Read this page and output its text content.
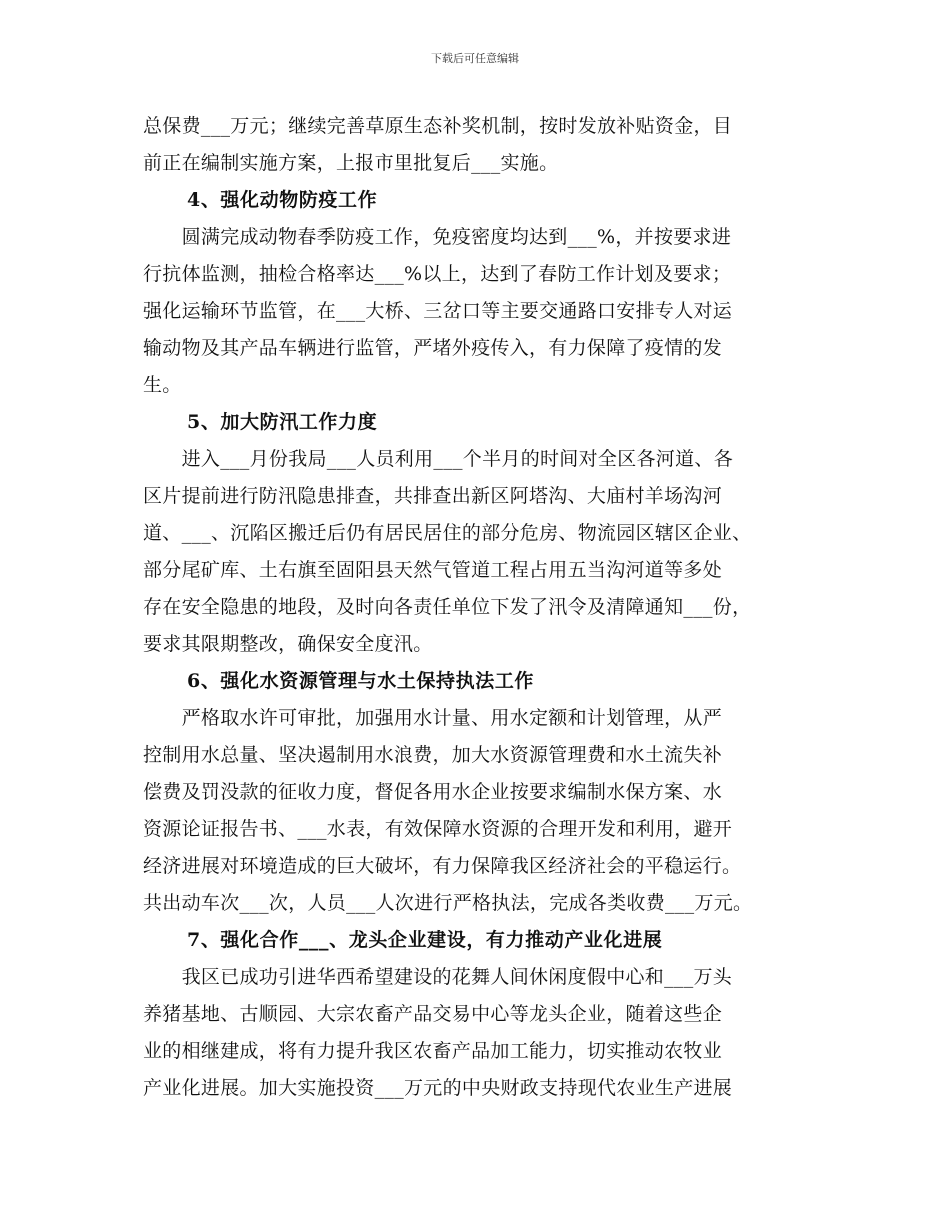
下载后可任意编辑
总保费___万元；继续完善草原生态补奖机制，按时发放补贴资金，目
前正在编制实施方案，上报市里批复后___实施。
4、强化动物防疫工作
　　圆满完成动物春季防疫工作，免疫密度均达到___%，并按要求进
行抗体监测，抽检合格率达___%以上，达到了春防工作计划及要求；
强化运输环节监管，在___大桥、三岔口等主要交通路口安排专人对运
输动物及其产品车辆进行监管，严堵外疫传入，有力保障了疫情的发
生。
5、加大防汛工作力度
　　进入___月份我局___人员利用___个半月的时间对全区各河道、各
区片提前进行防汛隐患排查，共排查出新区阿塔沟、大庙村羊场沟河
道、___、沉陷区搬迁后仍有居民居住的部分危房、物流园区辖区企业、
部分尾矿库、土右旗至固阳县天然气管道工程占用五当沟河道等多处
存在安全隐患的地段，及时向各责任单位下发了汛令及清障通知___份，
要求其限期整改，确保安全度汛。
6、强化水资源管理与水土保持执法工作
　　严格取水许可审批，加强用水计量、用水定额和计划管理，从严
控制用水总量、坚决遏制用水浪费，加大水资源管理费和水土流失补
偿费及罚没款的征收力度，督促各用水企业按要求编制水保方案、水
资源论证报告书、___水表，有效保障水资源的合理开发和利用，避开
经济进展对环境造成的巨大破坏，有力保障我区经济社会的平稳运行。
共出动车次___次，人员___人次进行严格执法，完成各类收费___万元。
7、强化合作___、龙头企业建设，有力推动产业化进展
　　我区已成功引进华西希望建设的花舞人间休闲度假中心和___万头
养猪基地、古顺园、大宗农畜产品交易中心等龙头企业，随着这些企
业的相继建成，将有力提升我区农畜产品加工能力，切实推动农牧业
产业化进展。加大实施投资___万元的中央财政支持现代农业生产进展
